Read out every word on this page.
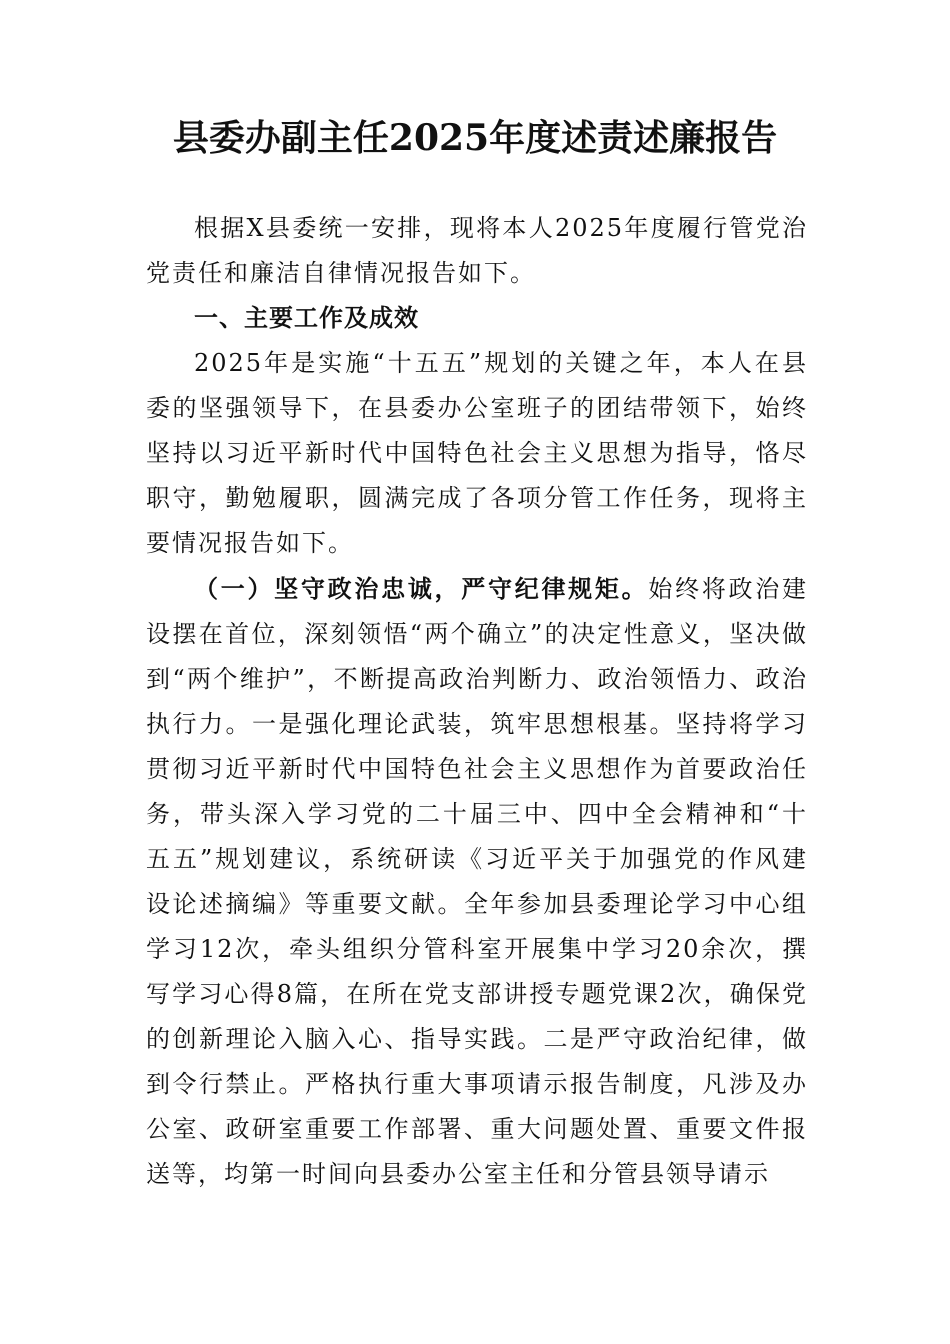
县委办副主任2025年度述责述廉报告

根据X县委统一安排，现将本人2025年度履行管党治党责任和廉洁自律情况报告如下。

一、主要工作及成效

2025年是实施“十五五”规划的关键之年，本人在县委的坚强领导下，在县委办公室班子的团结带领下，始终坚持以习近平新时代中国特色社会主义思想为指导，恪尽职守，勤勉履职，圆满完成了各项分管工作任务，现将主要情况报告如下。

（一）坚守政治忠诚，严守纪律规矩。始终将政治建设摆在首位，深刻领悟“两个确立”的决定性意义，坚决做到“两个维护”，不断提高政治判断力、政治领悟力、政治执行力。一是强化理论武装，筑牢思想根基。坚持将学习贯彻习近平新时代中国特色社会主义思想作为首要政治任务，带头深入学习党的二十届三中、四中全会精神和“十五五”规划建议，系统研读《习近平关于加强党的作风建设论述摘编》等重要文献。全年参加县委理论学习中心组学习12次，牵头组织分管科室开展集中学习20余次，撰写学习心得8篇，在所在党支部讲授专题党课2次，确保党的创新理论入脑入心、指导实践。二是严守政治纪律，做到令行禁止。严格执行重大事项请示报告制度，凡涉及办公室、政研室重要工作部署、重大问题处置、重要文件报送等，均第一时间向县委办公室主任和分管县领导请示
